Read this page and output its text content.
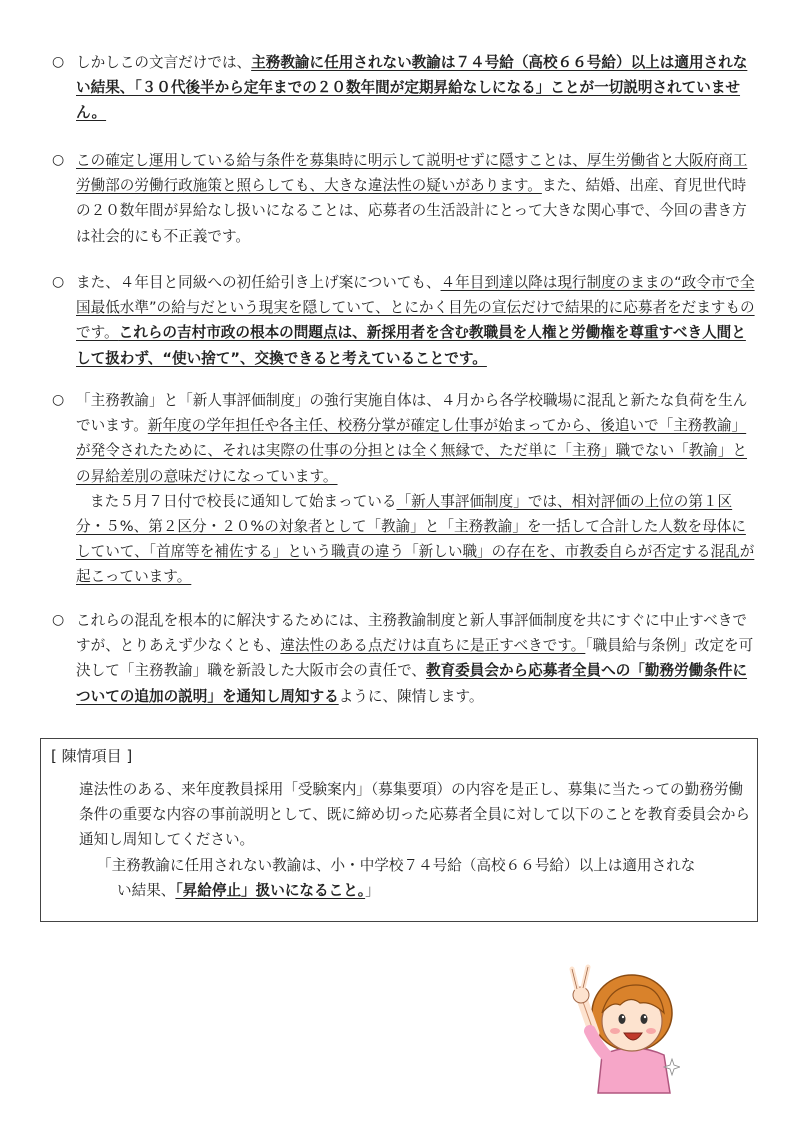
○ しかしこの文言だけでは、主務教諭に任用されない教諭は７４号給（高校６６号給）以上は適用されない結果、「３０代後半から定年までの２０数年間が定期昇給なしになる」ことが一切説明されていません。
○ この確定し運用している給与条件を募集時に明示して説明せずに隠すことは、厚生労働省と大阪府商工労働部の労働行政施策と照らしても、大きな違法性の疑いがあります。また、結婚、出産、育児世代時の２０数年間が昇給なし扱いになることは、応募者の生活設計にとって大きな関心事で、今回の書き方は社会的にも不正義です。
○ また、４年目と同級への初任給引き上げ案についても、４年目到達以降は現行制度のままの“政令市で全国最低水準”の給与だという現実を隠していて、とにかく目先の宣伝だけで結果的に応募者をだますものです。これらの吉村市政の根本の問題点は、新採用者を含む教職員を人権と労働権を尊重すべき人間として扱わず、“使い捨て”、交換できると考えていることです。
○ 「主務教諭」と「新人事評価制度」の強行実施自体は、４月から各学校職場に混乱と新たな負荷を生んでいます。新年度の学年担任や各主任、校務分掌が確定し仕事が始まってから、後追いで「主務教諭」が発令されたために、それは実際の仕事の分担とは全く無縁で、ただ単に「主務」職でない「教諭」との昇給差別の意味だけになっています。
また５月７日付で校長に通知して始まっている「新人事評価制度」では、相対評価の上位の第１区分・５%、第２区分・２０%の対象者として「教諭」と「主務教諭」を一括して合計した人数を母体にしていて、「首席等を補佐する」という職責の違う「新しい職」の存在を、市教委自らが否定する混乱が起こっています。
○ これらの混乱を根本的に解決するためには、主務教諭制度と新人事評価制度を共にすぐに中止すべきですが、とりあえず少なくとも、違法性のある点だけは直ちに是正すべきです。「職員給与条例」改定を可決して「主務教諭」職を新設した大阪市会の責任で、教育委員会から応募者全員への「勤務労働条件についての追加の説明」を通知し周知するように、陳情します。
[ 陳情項目 ]
違法性のある、来年度教員採用「受験案内」（募集要項）の内容を是正し、募集に当たっての勤務労働条件の重要な内容の事前説明として、既に締め切った応募者全員に対して以下のことを教育委員会から通知し周知してください。
「主務教諭に任用されない教諭は、小・中学校７４号給（高校６６号給）以上は適用されな
い結果、「昇給停止」扱いになること。」
